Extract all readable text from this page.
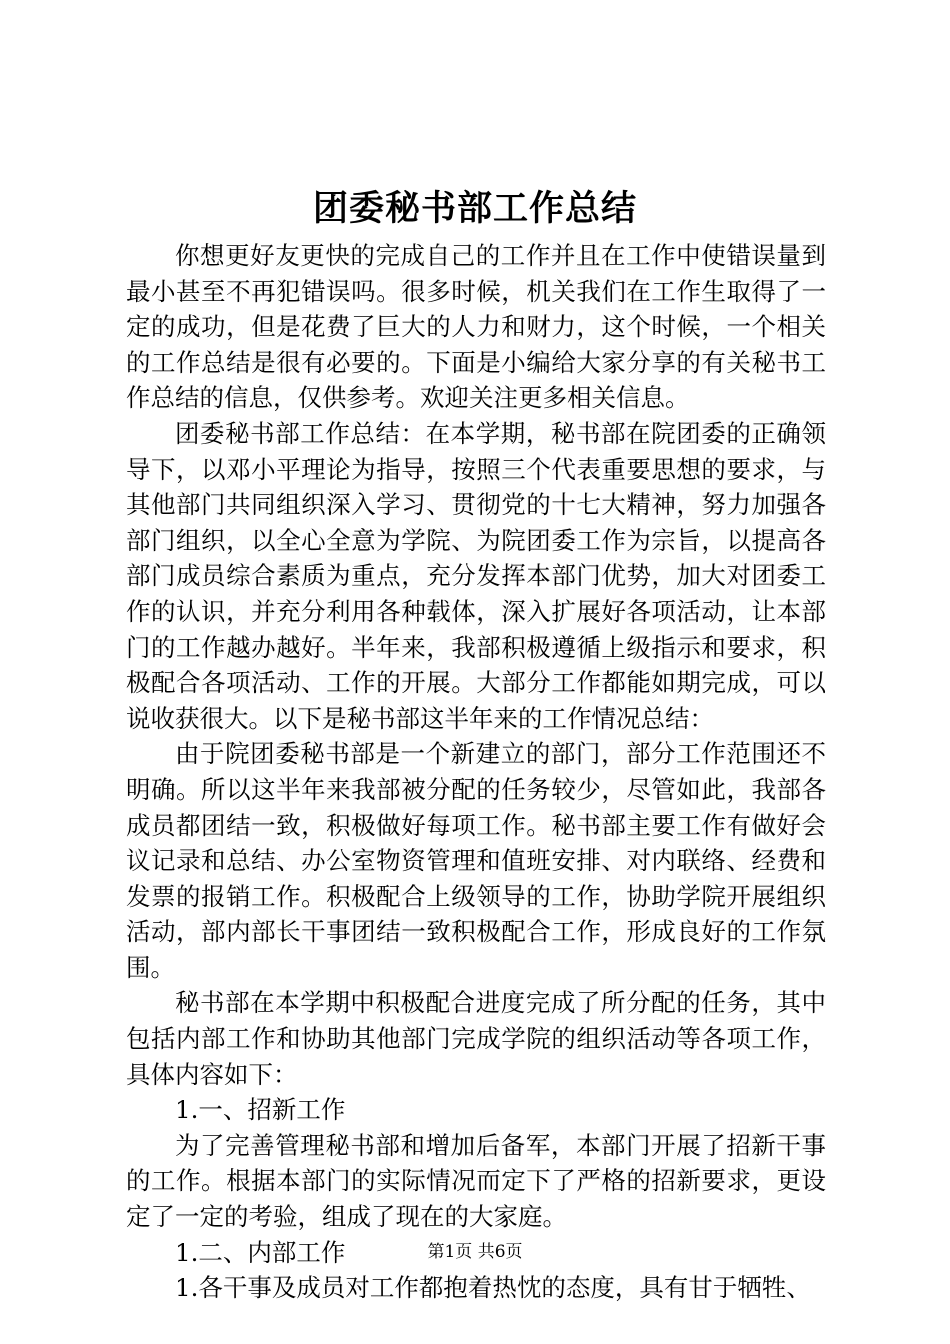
团委秘书部工作总结

你想更好友更快的完成自己的工作并且在工作中使错误量到最小甚至不再犯错误吗。很多时候，机关我们在工作生取得了一定的成功，但是花费了巨大的人力和财力，这个时候，一个相关的工作总结是很有必要的。下面是小编给大家分享的有关秘书工作总结的信息，仅供参考。欢迎关注更多相关信息。

团委秘书部工作总结：在本学期，秘书部在院团委的正确领导下，以邓小平理论为指导，按照三个代表重要思想的要求，与其他部门共同组织深入学习、贯彻党的十七大精神，努力加强各部门组织，以全心全意为学院、为院团委工作为宗旨，以提高各部门成员综合素质为重点，充分发挥本部门优势，加大对团委工作的认识，并充分利用各种载体，深入扩展好各项活动，让本部门的工作越办越好。半年来，我部积极遵循上级指示和要求，积极配合各项活动、工作的开展。大部分工作都能如期完成，可以说收获很大。以下是秘书部这半年来的工作情况总结：

由于院团委秘书部是一个新建立的部门，部分工作范围还不明确。所以这半年来我部被分配的任务较少，尽管如此，我部各成员都团结一致，积极做好每项工作。秘书部主要工作有做好会议记录和总结、办公室物资管理和值班安排、对内联络、经费和发票的报销工作。积极配合上级领导的工作，协助学院开展组织活动，部内部长干事团结一致积极配合工作，形成良好的工作氛围。

秘书部在本学期中积极配合进度完成了所分配的任务，其中包括内部工作和协助其他部门完成学院的组织活动等各项工作，具体内容如下：

1.一、招新工作

为了完善管理秘书部和增加后备军，本部门开展了招新干事的工作。根据本部门的实际情况而定下了严格的招新要求，更设定了一定的考验，组成了现在的大家庭。

1.二、内部工作

1.各干事及成员对工作都抱着热忱的态度，具有甘于牺牲、

第1页 共6页
